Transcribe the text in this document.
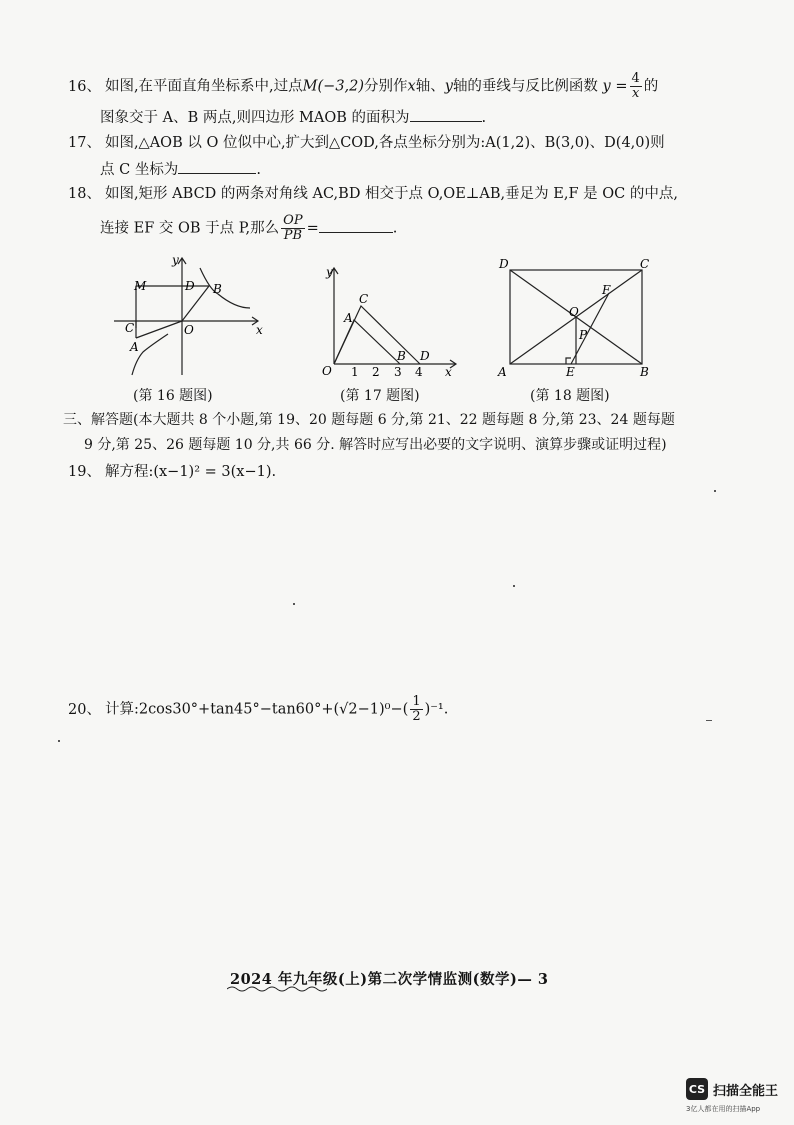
16、 如图,在平面直角坐标系中,过点M(−3,2)分别作x轴、y轴的垂线与反比例函数 $y = \frac{4}{x}$ 的
图象交于 A、B 两点,则四边形 MAOB 的面积为	.
17、 如图,△AOB 以 O 位似中心,扩大到△COD,各点坐标分别为:A(1,2)、B(3,0)、D(4,0)则
点 C 坐标为	.
18、 如图,矩形 ABCD 的两条对角线 AC,BD 相交于点 O,OE⊥AB,垂足为 E,F 是 OC 的中点,
连接 EF 交 OB 于点 P,那么 $\frac{OP}{PB}$ =	.
y
x
M	D B
C	O
A
(第 16 题图)
y
x
C
A
O
B D
1 2 3 4
(第 17 题图)
D	C
O
F
P
A	E	B
(第 18 题图)
三、解答题(本大题共 8 个小题,第 19、20 题每题 6 分,第 21、22 题每题 8 分,第 23、24 题每题
9 分,第 25、26 题每题 10 分,共 66 分. 解答时应写出必要的文字说明、演算步骤或证明过程)
19、 解方程:(x−1)² = 3(x−1).
20、 计算:2cos30°+tan45°−tan60°+(√2−1)⁰−( $\frac{1}{2} )^{-1}$.
2024 年九年级(上)第二次学情监测(数学)— 3
CS 扫描全能王
3亿人都在用的扫描App
